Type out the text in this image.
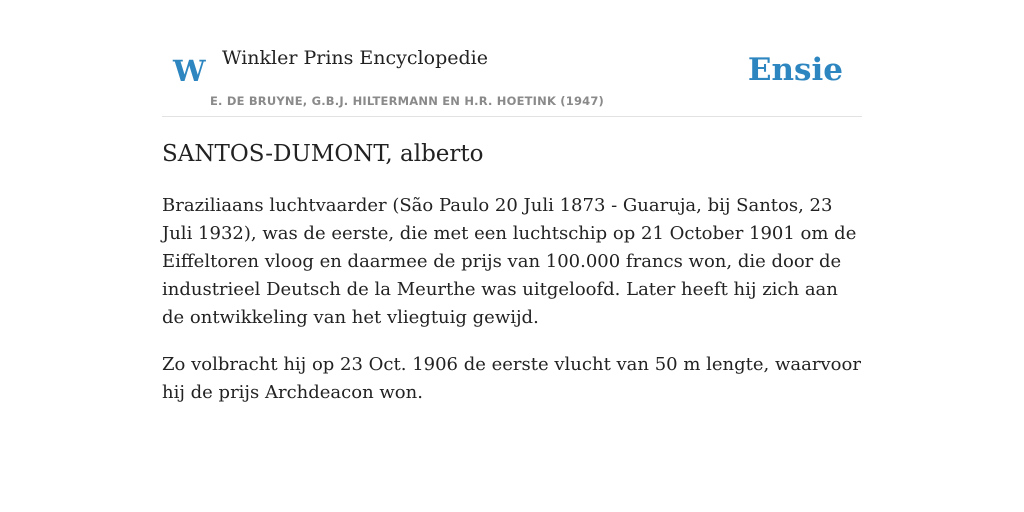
W Winkler Prins Encyclopedie
E. DE BRUYNE, G.B.J. HILTERMANN EN H.R. HOETINK (1947)
Ensie
SANTOS-DUMONT, alberto

Braziliaans luchtvaarder (São Paulo 20 Juli 1873 - Guaruja, bij Santos, 23 Juli 1932), was de eerste, die met een luchtschip op 21 October 1901 om de Eiffeltoren vloog en daarmee de prijs van 100.000 francs won, die door de industrieel Deutsch de la Meurthe was uitgeloofd. Later heeft hij zich aan de ontwikkeling van het vliegtuig gewijd.

Zo volbracht hij op 23 Oct. 1906 de eerste vlucht van 50 m lengte, waarvoor hij de prijs Archdeacon won.
